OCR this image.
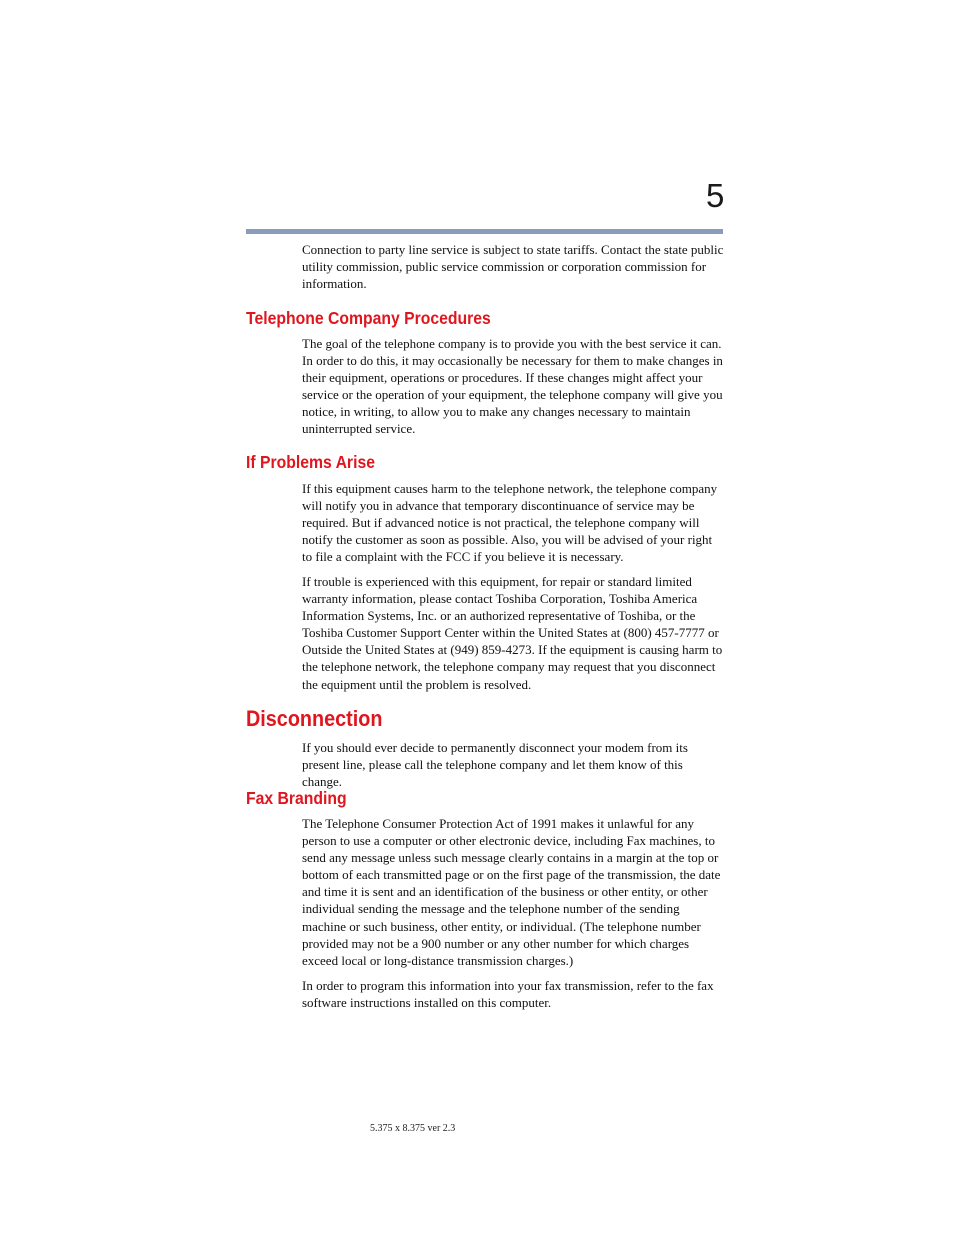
5

Connection to party line service is subject to state tariffs. Contact the state public utility commission, public service commission or corporation commission for information.

Telephone Company Procedures

The goal of the telephone company is to provide you with the best service it can. In order to do this, it may occasionally be necessary for them to make changes in their equipment, operations or procedures. If these changes might affect your service or the operation of your equipment, the telephone company will give you notice, in writing, to allow you to make any changes necessary to maintain uninterrupted service.

If Problems Arise

If this equipment causes harm to the telephone network, the telephone company will notify you in advance that temporary discontinuance of service may be required. But if advanced notice is not practical, the telephone company will notify the customer as soon as possible. Also, you will be advised of your right to file a complaint with the FCC if you believe it is necessary.

If trouble is experienced with this equipment, for repair or standard limited warranty information, please contact Toshiba Corporation, Toshiba America Information Systems, Inc. or an authorized representative of Toshiba, or the Toshiba Customer Support Center within the United States at (800) 457-7777 or Outside the United States at (949) 859-4273. If the equipment is causing harm to the telephone network, the telephone company may request that you disconnect the equipment until the problem is resolved.

Disconnection

If you should ever decide to permanently disconnect your modem from its present line, please call the telephone company and let them know of this change.

Fax Branding

The Telephone Consumer Protection Act of 1991 makes it unlawful for any person to use a computer or other electronic device, including Fax machines, to send any message unless such message clearly contains in a margin at the top or bottom of each transmitted page or on the first page of the transmission, the date and time it is sent and an identification of the business or other entity, or other individual sending the message and the telephone number of the sending machine or such business, other entity, or individual. (The telephone number provided may not be a 900 number or any other number for which charges exceed local or long-distance transmission charges.)

In order to program this information into your fax transmission, refer to the fax software instructions installed on this computer.

5.375 x 8.375 ver 2.3
